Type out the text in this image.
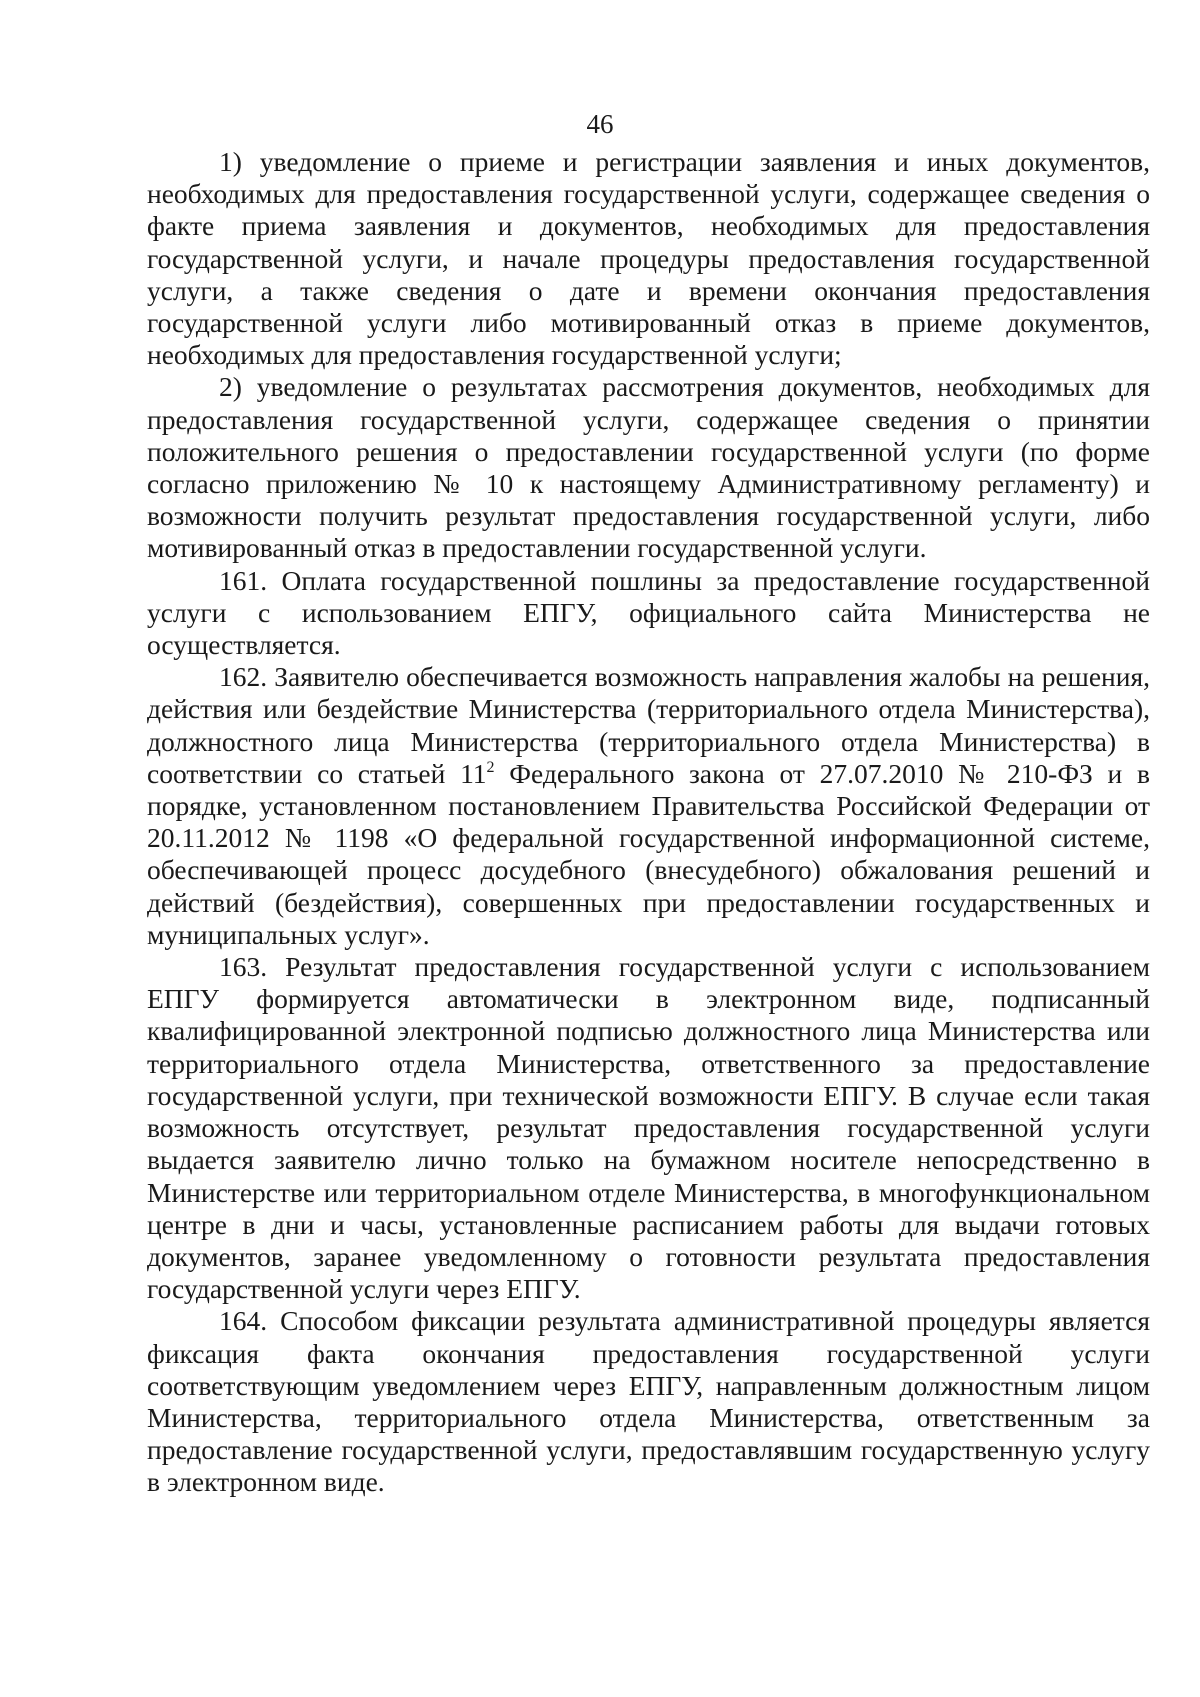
46

1) уведомление о приеме и регистрации заявления и иных документов, необходимых для предоставления государственной услуги, содержащее сведения о факте приема заявления и документов, необходимых для предоставления государственной услуги, и начале процедуры предоставления государственной услуги, а также сведения о дате и времени окончания предоставления государственной услуги либо мотивированный отказ в приеме документов, необходимых для предоставления государственной услуги;

2) уведомление о результатах рассмотрения документов, необходимых для предоставления государственной услуги, содержащее сведения о принятии положительного решения о предоставлении государственной услуги (по форме согласно приложению № 10 к настоящему Административному регламенту) и возможности получить результат предоставления государственной услуги, либо мотивированный отказ в предоставлении государственной услуги.

161. Оплата государственной пошлины за предоставление государственной услуги с использованием ЕПГУ, официального сайта Министерства не осуществляется.

162. Заявителю обеспечивается возможность направления жалобы на решения, действия или бездействие Министерства (территориального отдела Министерства), должностного лица Министерства (территориального отдела Министерства) в соответствии со статьей $11^2$ Федерального закона от 27.07.2010 № 210-ФЗ и в порядке, установленном постановлением Правительства Российской Федерации от 20.11.2012 № 1198 «О федеральной государственной информационной системе, обеспечивающей процесс досудебного (внесудебного) обжалования решений и действий (бездействия), совершенных при предоставлении государственных и муниципальных услуг».

163. Результат предоставления государственной услуги с использованием ЕПГУ формируется автоматически в электронном виде, подписанный квалифицированной электронной подписью должностного лица Министерства или территориального отдела Министерства, ответственного за предоставление государственной услуги, при технической возможности ЕПГУ. В случае если такая возможность отсутствует, результат предоставления государственной услуги выдается заявителю лично только на бумажном носителе непосредственно в Министерстве или территориальном отделе Министерства, в многофункциональном центре в дни и часы, установленные расписанием работы для выдачи готовых документов, заранее уведомленному о готовности результата предоставления государственной услуги через ЕПГУ.

164. Способом фиксации результата административной процедуры является фиксация факта окончания предоставления государственной услуги соответствующим уведомлением через ЕПГУ, направленным должностным лицом Министерства, территориального отдела Министерства, ответственным за предоставление государственной услуги, предоставлявшим государственную услугу в электронном виде.
